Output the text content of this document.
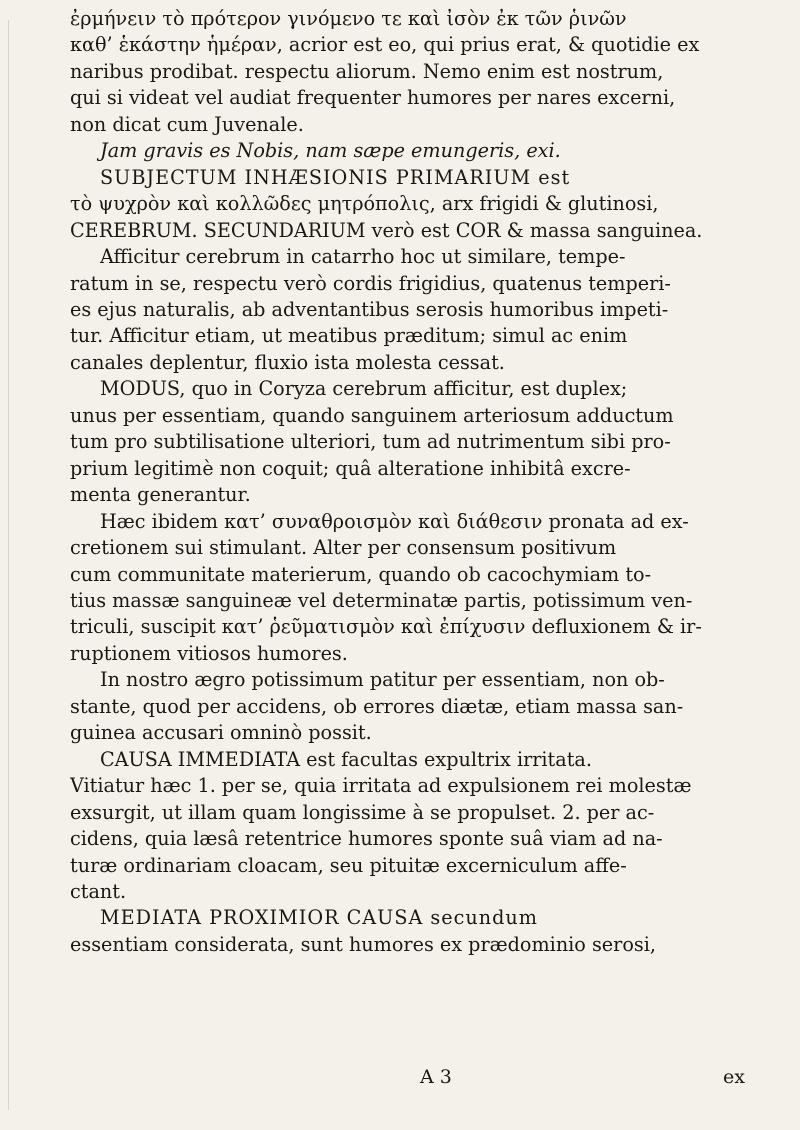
ἐρμήνειν τὸ πρότερον γινόμενο τε καὶ ἰσὸν ἐκ τῶν ῥινῶν
καθ’ ἑκάστην ἡμέραν, acrior est eo, qui prius erat, & quotidie ex
naribus prodibat. respectu aliorum. Nemo enim est nostrum,
qui si videat vel audiat frequenter humores per nares excerni,
non dicat cum Juvenale.
Jam gravis es Nobis, nam sæpe emungeris, exi.
SUBJECTUM INHÆSIONIS PRIMARIUM est
τὸ ψυχρὸν καὶ κολλῶδες μητρόπολις, arx frigidi & glutinosi,
CEREBRUM. SECUNDARIUM verò est COR & massa sanguinea.
Afficitur cerebrum in catarrho hoc ut similare, tempe-
ratum in se, respectu verò cordis frigidius, quatenus temperi-
es ejus naturalis, ab adventantibus serosis humoribus impeti-
tur. Afficitur etiam, ut meatibus præditum; simul ac enim
canales deplentur, fluxio ista molesta cessat.
MODUS, quo in Coryza cerebrum afficitur, est duplex;
unus per essentiam, quando sanguinem arteriosum adductum
tum pro subtilisatione ulteriori, tum ad nutrimentum sibi pro-
prium legitimè non coquit; quâ alteratione inhibitâ excre-
menta generantur.
Hæc ibidem κατ’ συναθροισμὸν καὶ διάθεσιν pronata ad ex-
cretionem sui stimulant. Alter per consensum positivum
cum communitate materierum, quando ob cacochymiam to-
tius massæ sanguineæ vel determinatæ partis, potissimum ven-
triculi, suscipit κατ’ ῥεῦματισμὸν καὶ ἐπίχυσιν defluxionem & ir-
ruptionem vitiosos humores.
In nostro ægro potissimum patitur per essentiam, non ob-
stante, quod per accidens, ob errores diætæ, etiam massa san-
guinea accusari omninò possit.
CAUSA IMMEDIATA est facultas expultrix irritata.
Vitiatur hæc 1. per se, quia irritata ad expulsionem rei molestæ
exsurgit, ut illam quam longissime à se propulset. 2. per ac-
cidens, quia læsâ retentrice humores sponte suâ viam ad na-
turæ ordinariam cloacam, seu pituitæ excerniculum affe-
ctant.
MEDIATA PROXIMIOR CAUSA secundum
essentiam considerata, sunt humores ex prædominio serosi,
A 3	ex
